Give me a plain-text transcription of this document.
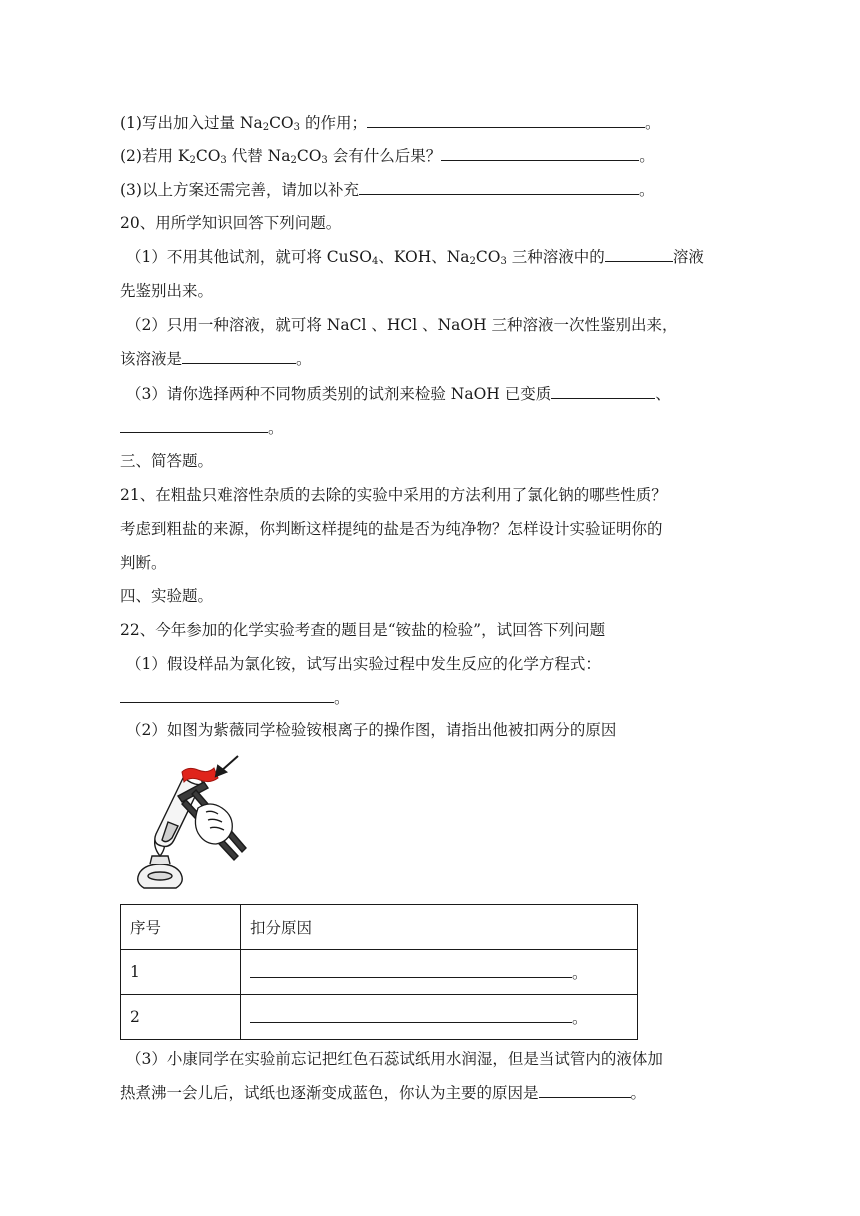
(1)写出加入过量 $Na_2CO_3$ 的作用；	。
(2)若用 $K_2CO_3$ 代替 $Na_2CO_3$ 会有什么后果？	。
(3)以上方案还需完善，请加以补充	。
20、用所学知识回答下列问题。
（1）不用其他试剂，就可将 CuSO$_4$、KOH、$Na_2CO_3$ 三种溶液中的	溶液
先鉴别出来。
（2）只用一种溶液，就可将 NaCl 、HCl 、NaOH 三种溶液一次性鉴别出来，
该溶液是	。
（3）请你选择两种不同物质类别的试剂来检验 NaOH 已变质	、
。
三、简答题。
21、在粗盐只难溶性杂质的去除的实验中采用的方法利用了氯化钠的哪些性质？
考虑到粗盐的来源，你判断这样提纯的盐是否为纯净物？怎样设计实验证明你的
判断。
四、实验题。
22、今年参加的化学实验考查的题目是“铵盐的检验”，试回答下列问题
（1）假设样品为氯化铵，试写出实验过程中发生反应的化学方程式：
。
（2）如图为紫薇同学检验铵根离子的操作图，请指出他被扣两分的原因
序号	扣分原因
1	。
2	。
（3）小康同学在实验前忘记把红色石蕊试纸用水润湿，但是当试管内的液体加
热煮沸一会儿后，试纸也逐渐变成蓝色，你认为主要的原因是	。
